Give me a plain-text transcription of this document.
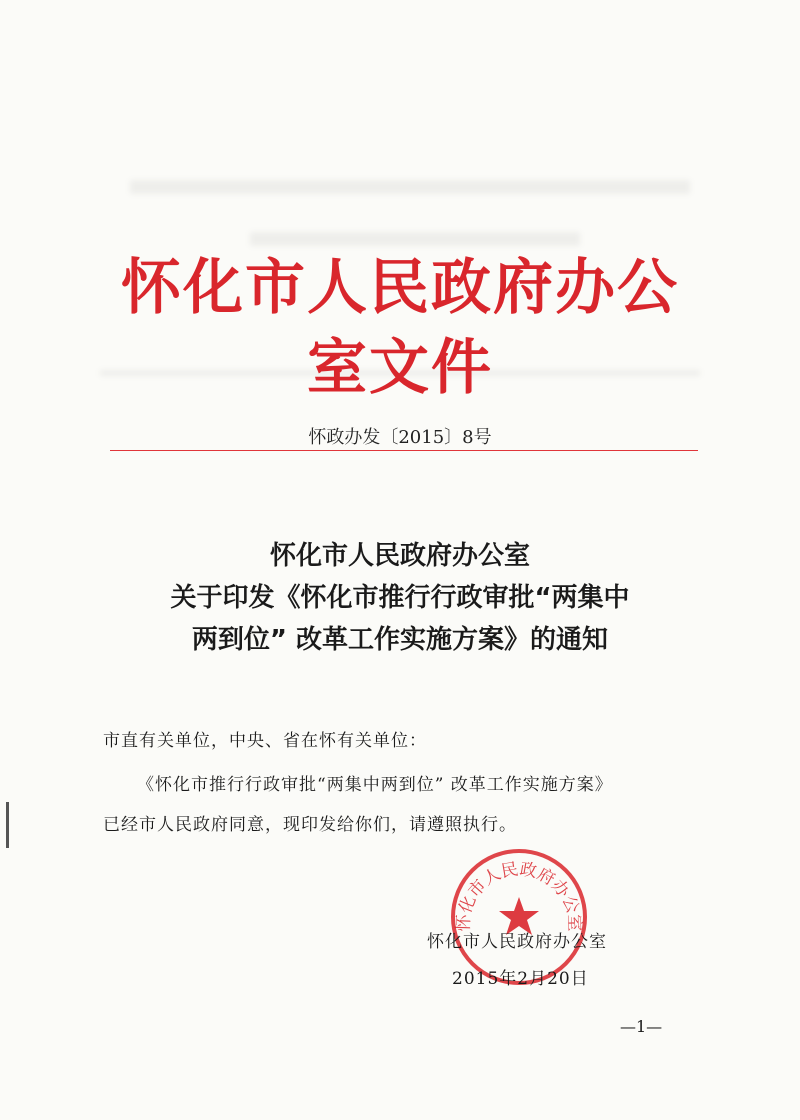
怀化市人民政府办公室文件
怀政办发〔2015〕8号
怀化市人民政府办公室
关于印发《怀化市推行行政审批“两集中
两到位” 改革工作实施方案》的通知
市直有关单位，中央、省在怀有关单位：
《怀化市推行行政审批“两集中两到位” 改革工作实施方案》
已经市人民政府同意，现印发给你们，请遵照执行。
怀化市人民政府办公室
怀化市人民政府办公室
2015年2月20日
—1—
